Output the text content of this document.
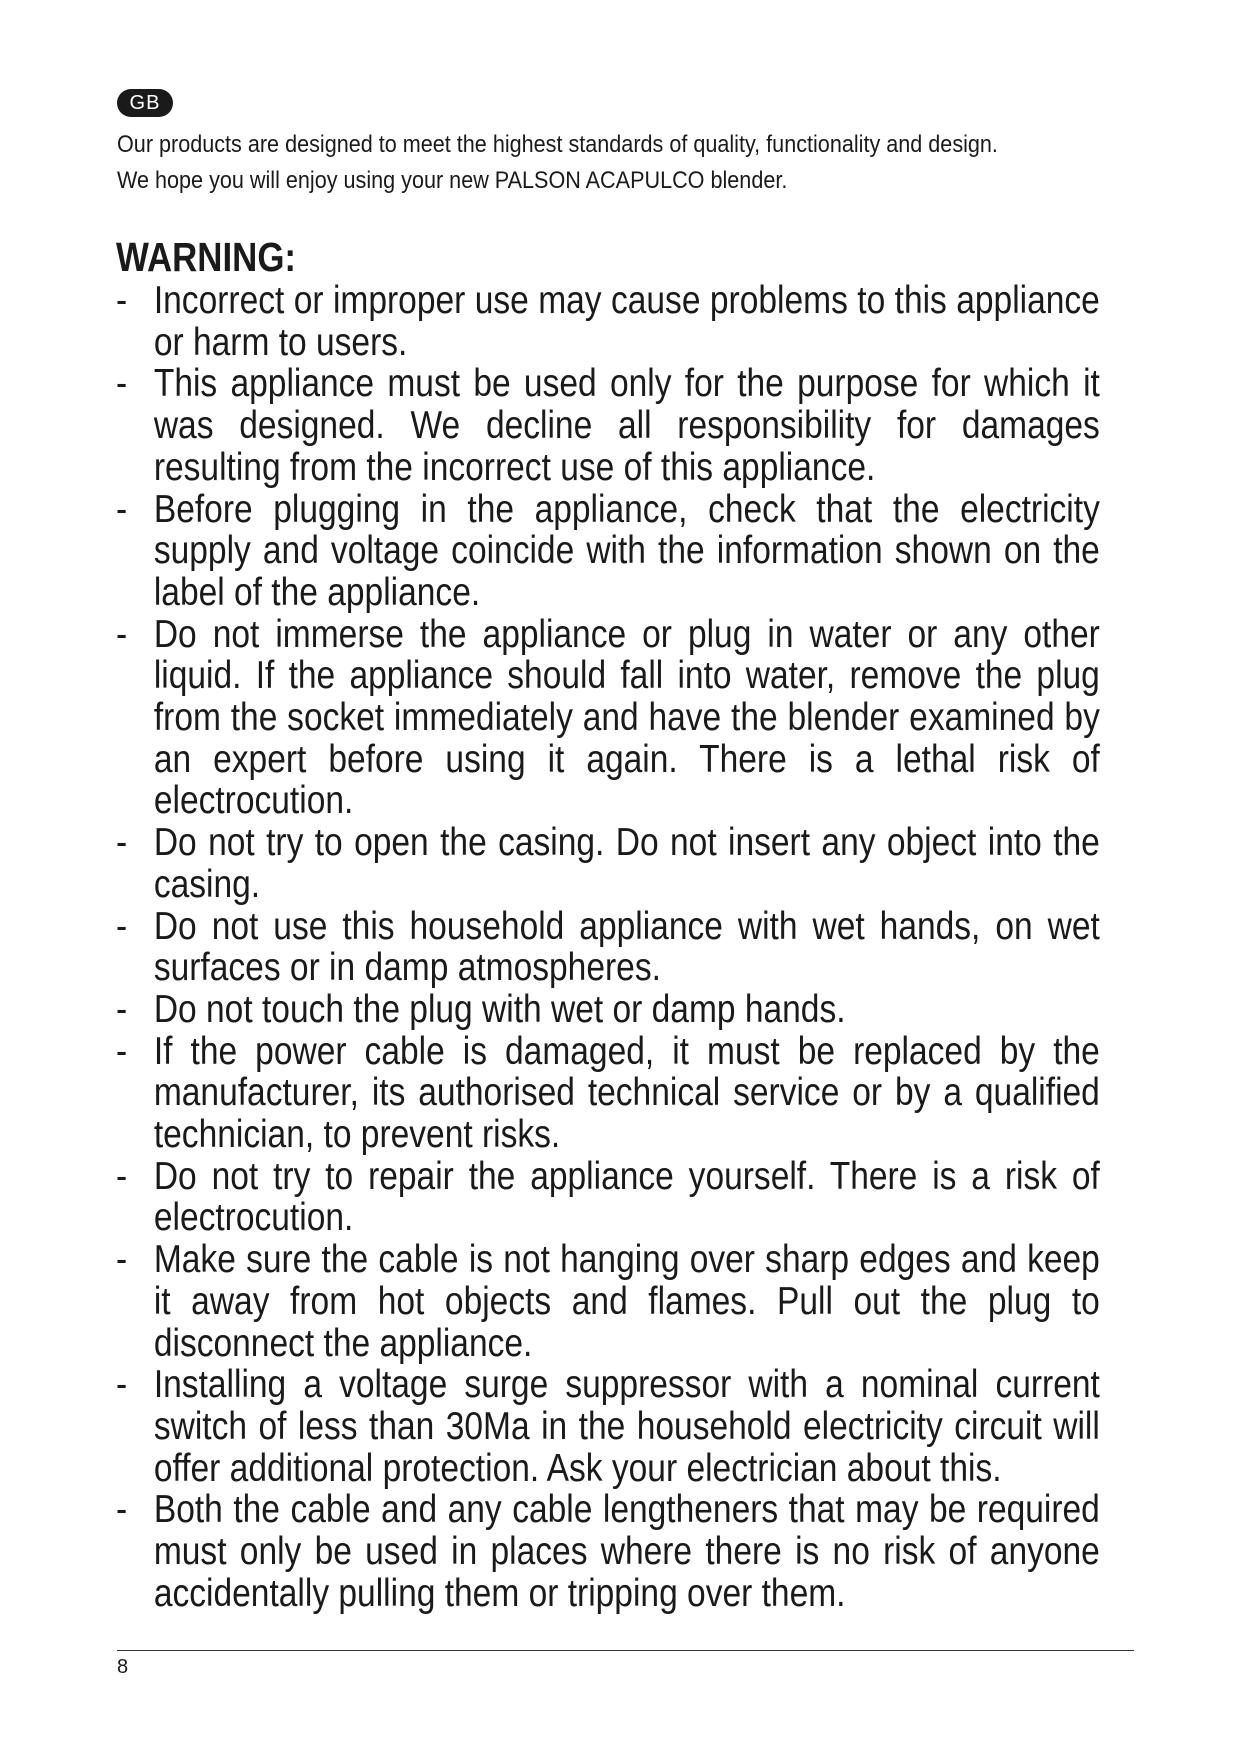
GB
Our products are designed to meet the highest standards of quality, functionality and design.
We hope you will enjoy using your new PALSON ACAPULCO blender.
WARNING:
- Incorrect or improper use may cause problems to this appliance or harm to users.
- This appliance must be used only for the purpose for which it was designed. We decline all responsibility for damages resulting from the incorrect use of this appliance.
- Before plugging in the appliance, check that the electricity supply and voltage coincide with the information shown on the label of the appliance.
- Do not immerse the appliance or plug in water or any other liquid. If the appliance should fall into water, remove the plug from the socket immediately and have the blender examined by an expert before using it again. There is a lethal risk of electrocution.
- Do not try to open the casing. Do not insert any object into the casing.
- Do not use this household appliance with wet hands, on wet surfaces or in damp atmospheres.
- Do not touch the plug with wet or damp hands.
- If the power cable is damaged, it must be replaced by the manufacturer, its authorised technical service or by a qualified technician, to prevent risks.
- Do not try to repair the appliance yourself. There is a risk of electrocution.
- Make sure the cable is not hanging over sharp edges and keep it away from hot objects and flames. Pull out the plug to disconnect the appliance.
- Installing a voltage surge suppressor with a nominal current switch of less than 30Ma in the household electricity circuit will offer additional protection. Ask your electrician about this.
- Both the cable and any cable lengtheners that may be required must only be used in places where there is no risk of anyone accidentally pulling them or tripping over them.
8
